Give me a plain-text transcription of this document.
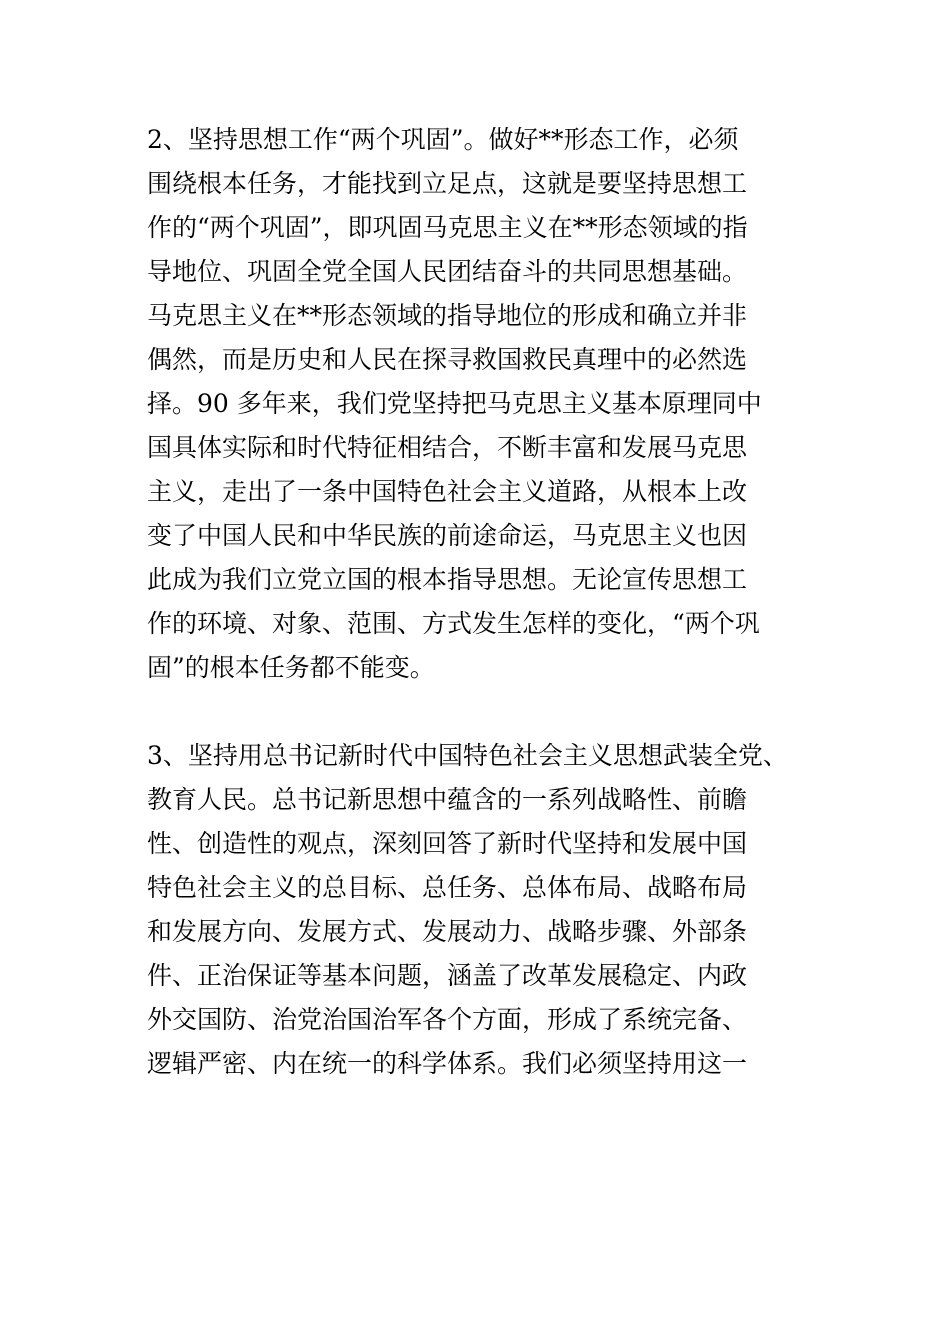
2、坚持思想工作“两个巩固”。做好**形态工作，必须
围绕根本任务，才能找到立足点，这就是要坚持思想工
作的“两个巩固”，即巩固马克思主义在**形态领域的指
导地位、巩固全党全国人民团结奋斗的共同思想基础。
马克思主义在**形态领域的指导地位的形成和确立并非
偶然，而是历史和人民在探寻救国救民真理中的必然选
择。90 多年来，我们党坚持把马克思主义基本原理同中
国具体实际和时代特征相结合，不断丰富和发展马克思
主义，走出了一条中国特色社会主义道路，从根本上改
变了中国人民和中华民族的前途命运，马克思主义也因
此成为我们立党立国的根本指导思想。无论宣传思想工
作的环境、对象、范围、方式发生怎样的变化，“两个巩
固”的根本任务都不能变。
3、坚持用总书记新时代中国特色社会主义思想武装全党、
教育人民。总书记新思想中蕴含的一系列战略性、前瞻
性、创造性的观点，深刻回答了新时代坚持和发展中国
特色社会主义的总目标、总任务、总体布局、战略布局
和发展方向、发展方式、发展动力、战略步骤、外部条
件、正治保证等基本问题，涵盖了改革发展稳定、内政
外交国防、治党治国治军各个方面，形成了系统完备、
逻辑严密、内在统一的科学体系。我们必须坚持用这一
